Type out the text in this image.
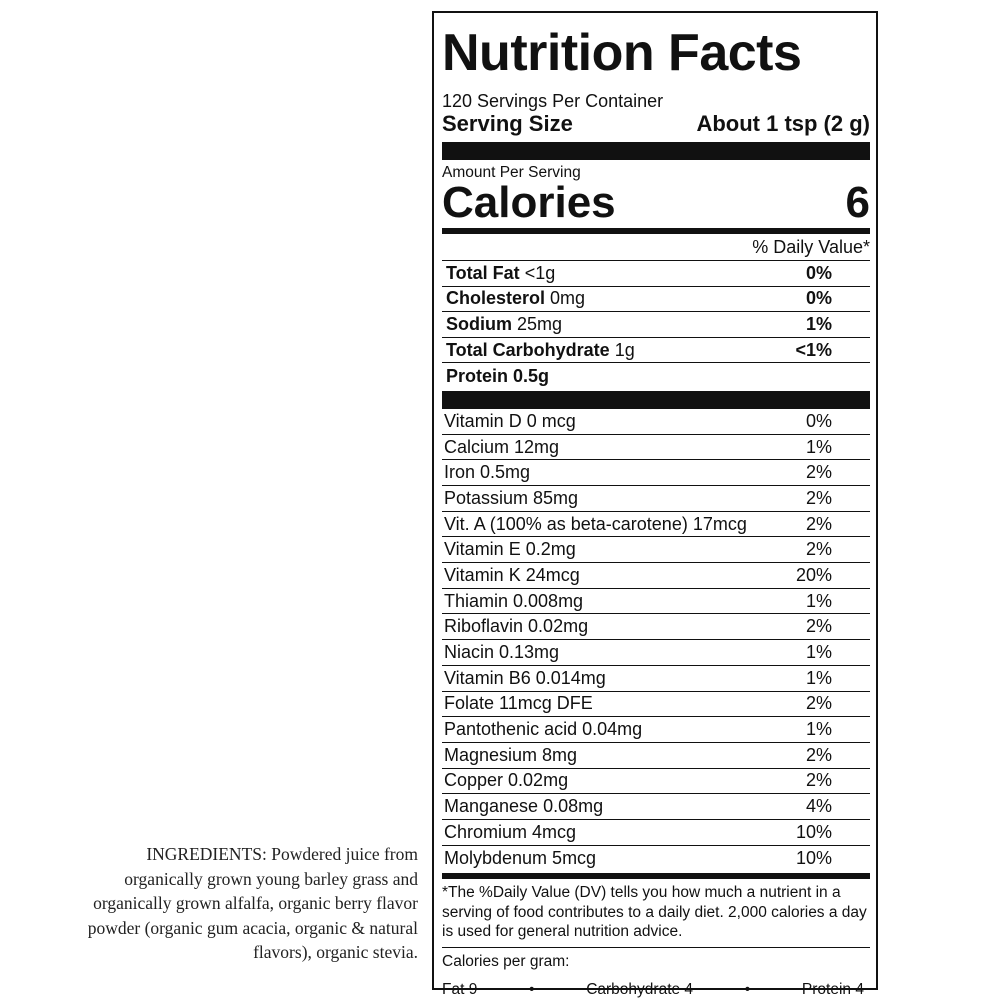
INGREDIENTS: Powdered juice from organically grown young barley grass and organically grown alfalfa, organic berry flavor powder (organic gum acacia, organic & natural flavors), organic stevia.
Nutrition Facts
120 Servings Per Container
Serving Size	About 1 tsp (2 g)
Amount Per Serving
Calories	6
% Daily Value*
Total Fat <1g	0%
Cholesterol 0mg	0%
Sodium 25mg	1%
Total Carbohydrate 1g	<1%
Protein 0.5g
Vitamin D 0 mcg	0%
Calcium 12mg	1%
Iron 0.5mg	2%
Potassium 85mg	2%
Vit. A (100% as beta-carotene) 17mcg	2%
Vitamin E 0.2mg	2%
Vitamin K 24mcg	20%
Thiamin 0.008mg	1%
Riboflavin 0.02mg	2%
Niacin 0.13mg	1%
Vitamin B6 0.014mg	1%
Folate 11mcg DFE	2%
Pantothenic acid 0.04mg	1%
Magnesium 8mg	2%
Copper 0.02mg	2%
Manganese 0.08mg	4%
Chromium 4mcg	10%
Molybdenum 5mcg	10%
*The %Daily Value (DV) tells you how much a nutrient in a serving of food contributes to a daily diet. 2,000 calories a day is used for general nutrition advice.
Calories per gram:
Fat 9	•	Carbohydrate 4	•	Protein 4
